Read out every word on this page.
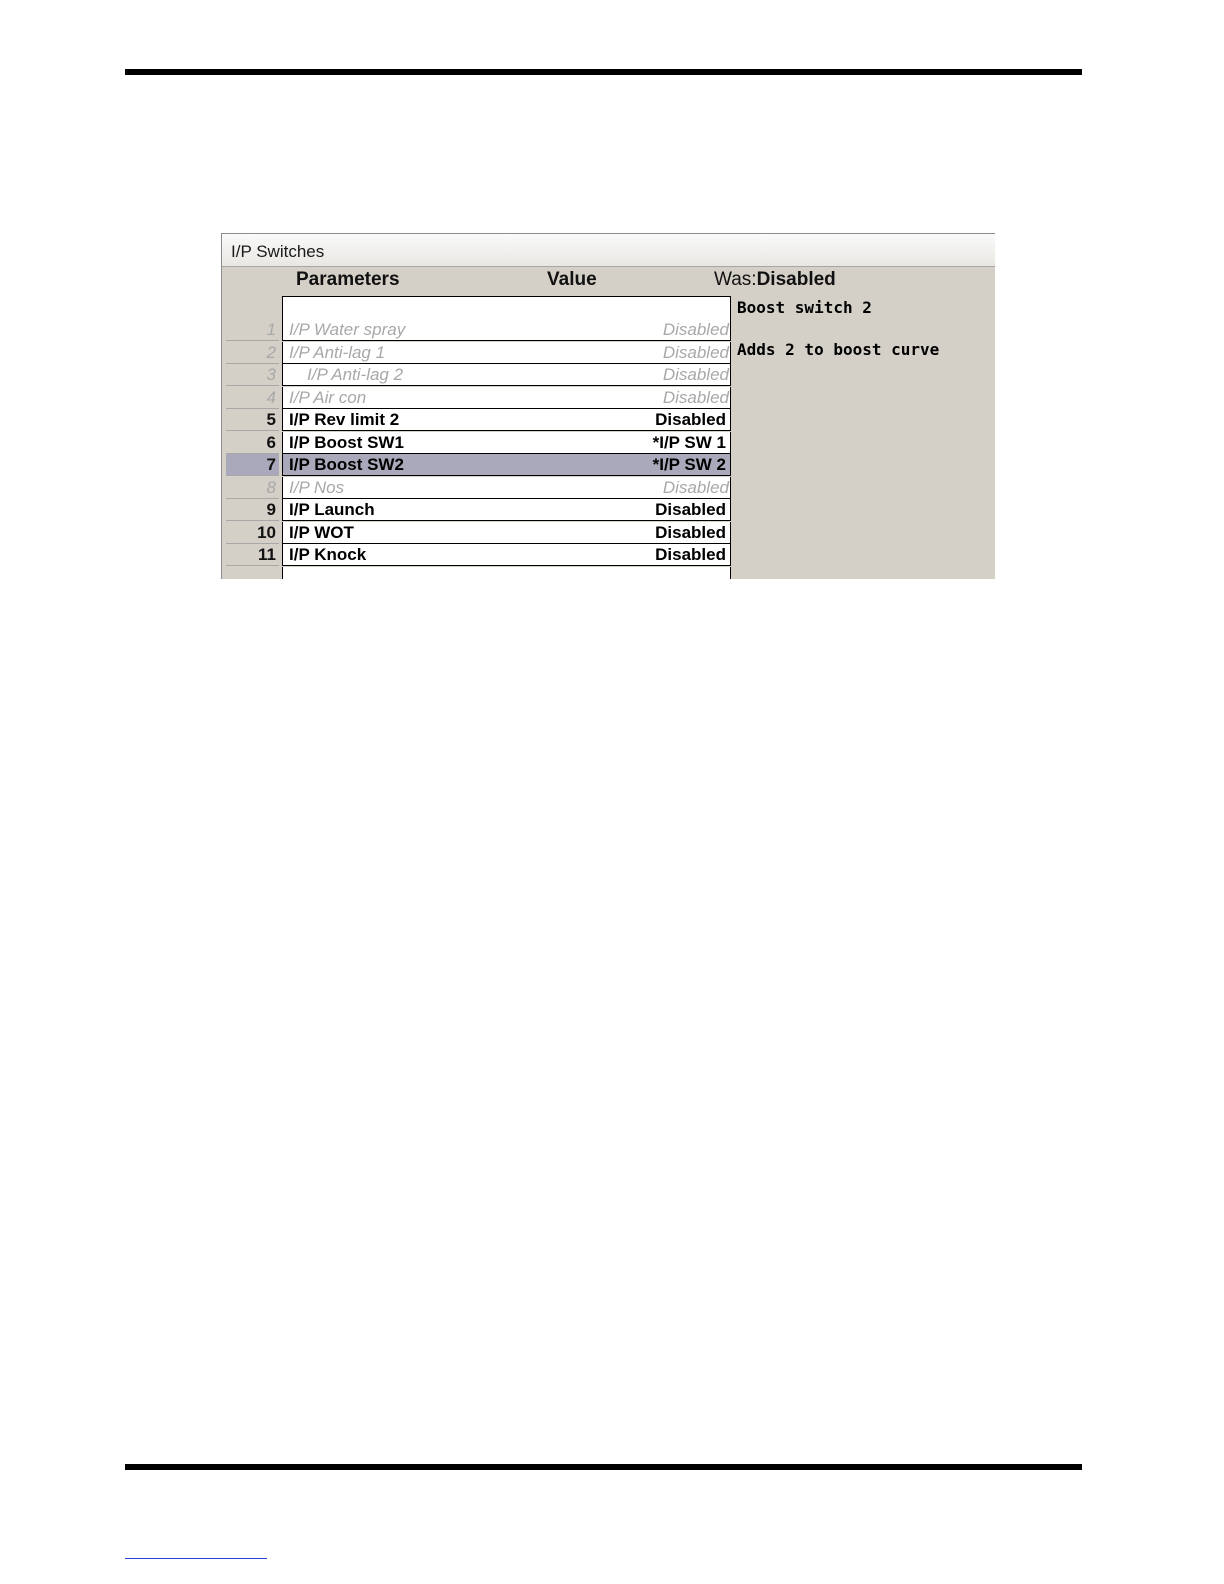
I/P Switches
Parameters	Value	Was:Disabled
1 I/P Water spray	Disabled
2 I/P Anti-lag 1	Disabled
3 I/P Anti-lag 2	Disabled
4 I/P Air con	Disabled
5 I/P Rev limit 2	Disabled
6 I/P Boost SW1	*I/P SW 1
7 I/P Boost SW2	*I/P SW 2
8 I/P Nos	Disabled
9 I/P Launch	Disabled
10 I/P WOT	Disabled
11 I/P Knock	Disabled
Boost switch 2
Adds 2 to boost curve
